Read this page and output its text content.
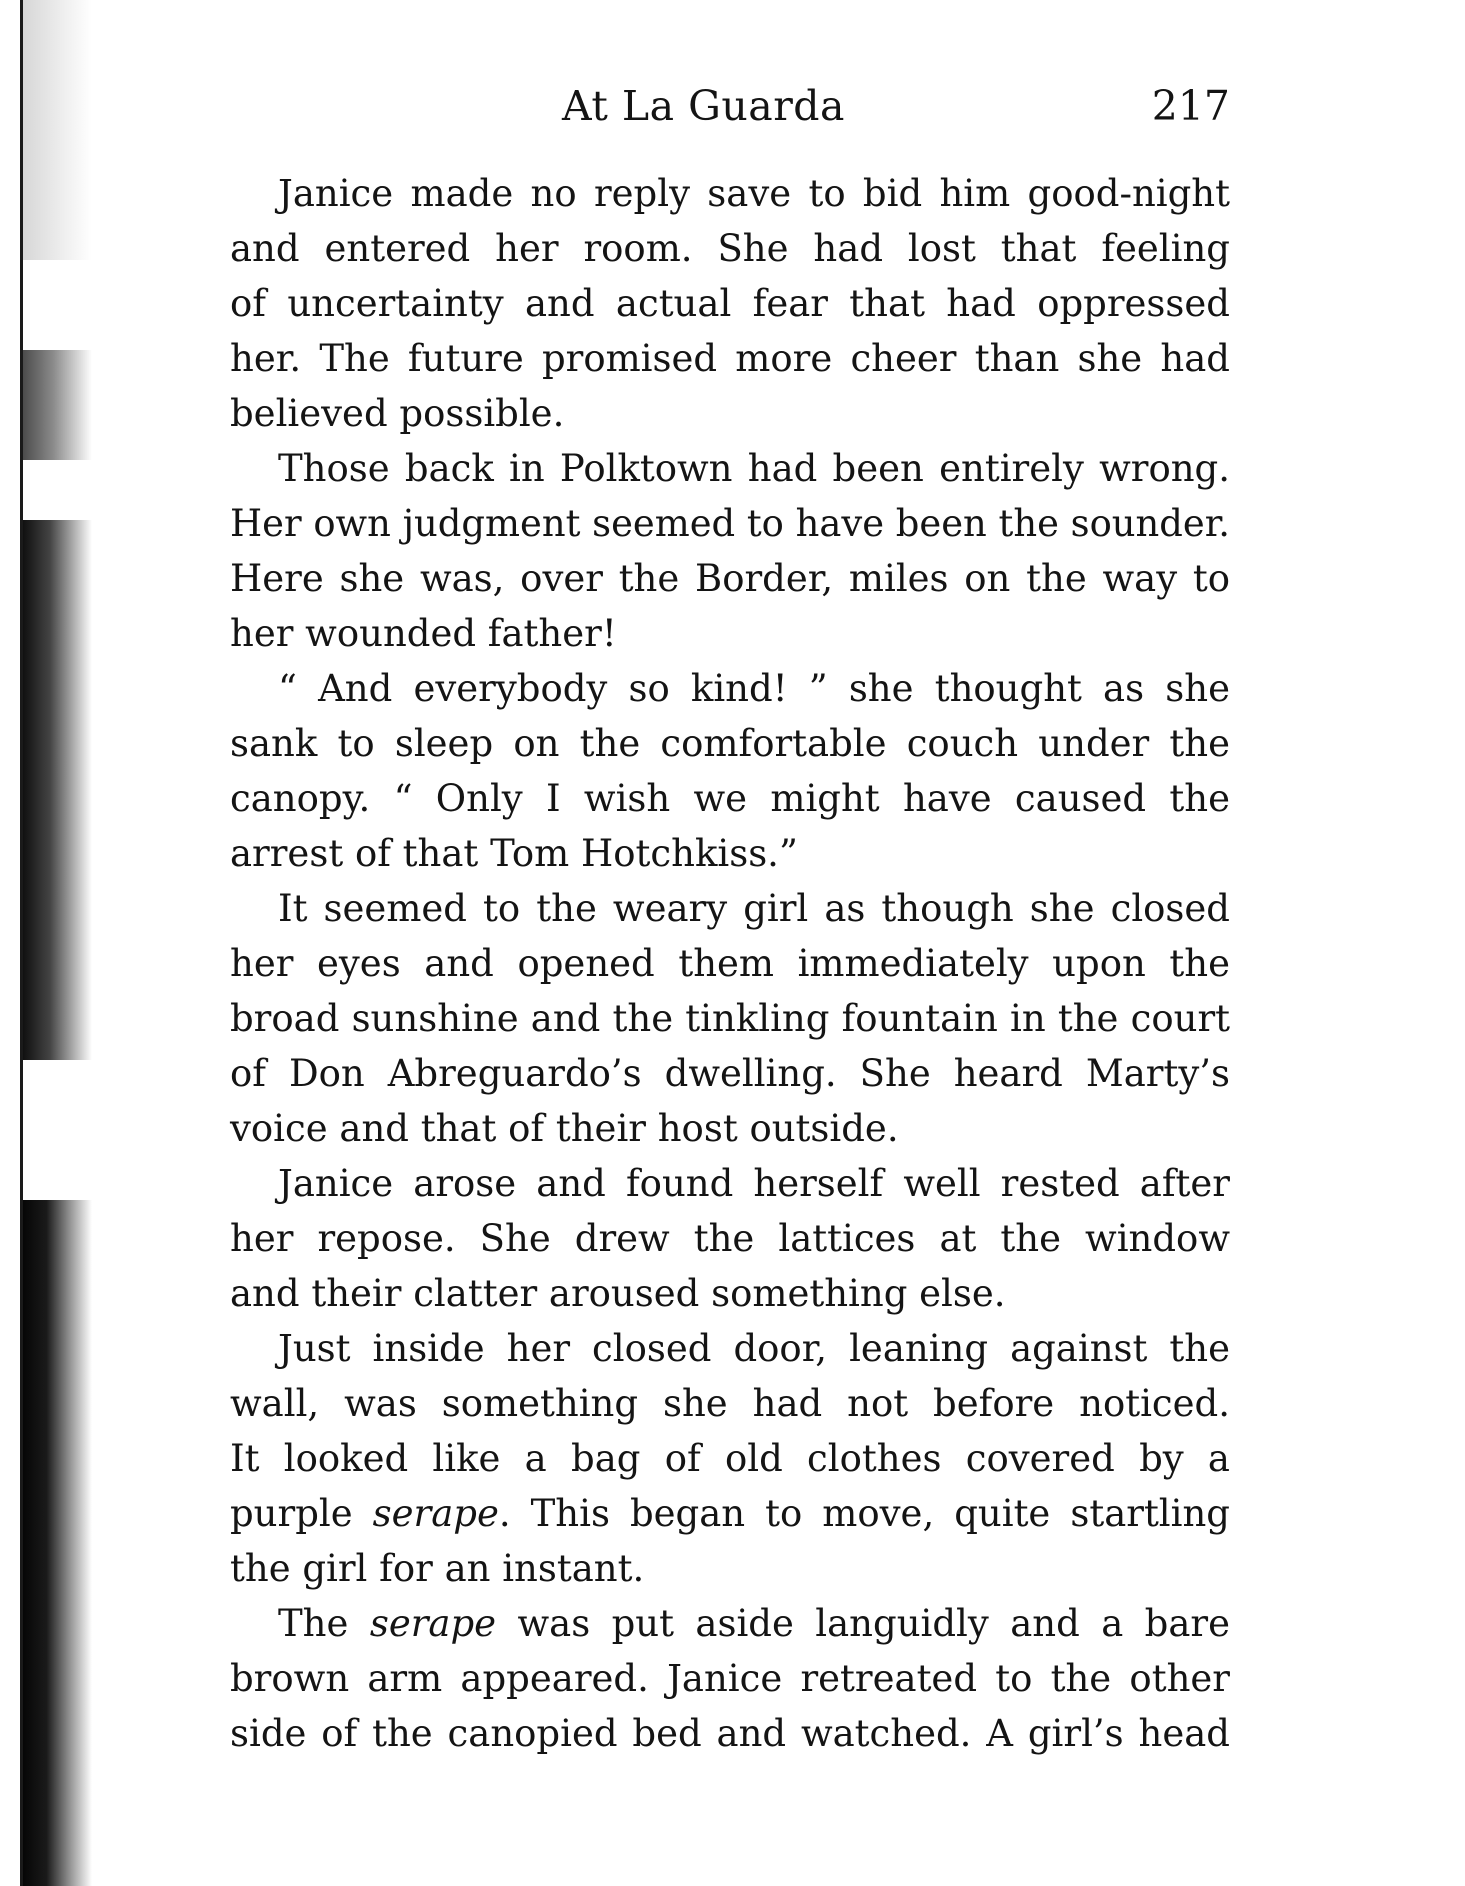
At La Guarda	217

Janice made no reply save to bid him good-night
and entered her room. She had lost that feeling
of uncertainty and actual fear that had oppressed
her. The future promised more cheer than she had
believed possible.

Those back in Polktown had been entirely wrong.
Her own judgment seemed to have been the sounder.
Here she was, over the Border, miles on the way to
her wounded father!

“ And everybody so kind! ” she thought as she
sank to sleep on the comfortable couch under the
canopy. “ Only I wish we might have caused the
arrest of that Tom Hotchkiss.”

It seemed to the weary girl as though she closed
her eyes and opened them immediately upon the
broad sunshine and the tinkling fountain in the court
of Don Abreguardo’s dwelling. She heard Marty’s
voice and that of their host outside.

Janice arose and found herself well rested after
her repose. She drew the lattices at the window
and their clatter aroused something else.

Just inside her closed door, leaning against the
wall, was something she had not before noticed.
It looked like a bag of old clothes covered by a
purple serape. This began to move, quite startling
the girl for an instant.

The serape was put aside languidly and a bare
brown arm appeared. Janice retreated to the other
side of the canopied bed and watched. A girl’s head
